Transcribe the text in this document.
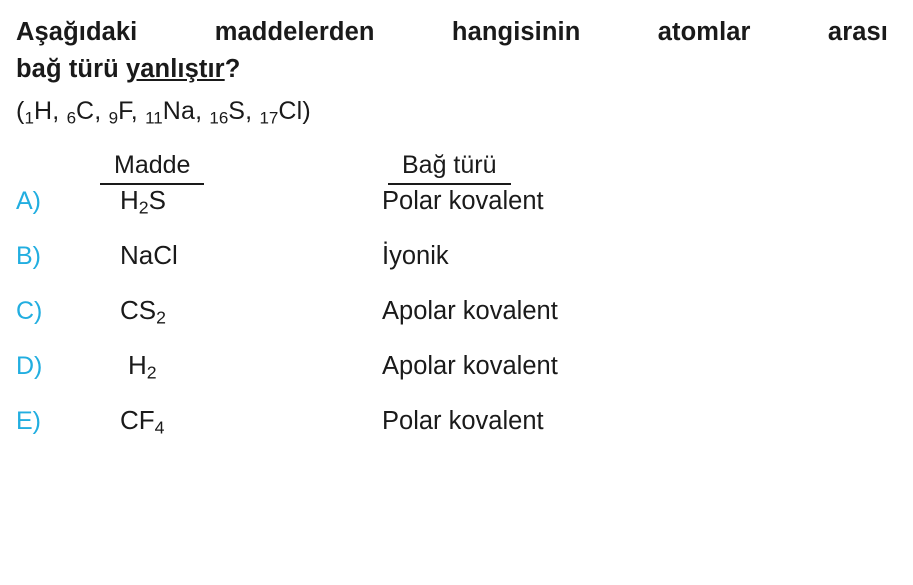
Aşağıdaki maddelerden hangisinin atomlar arası
bağ türü yanlıştır?
($_1H$, $_6$C, $_9$F, $_{11}$Na, $_{16}$S, $_{17}$Cl)
Madde	Bağ türü
A)	$H_2S$	Polar kovalent
B)	NaCl	İyonik
C)	$CS_2$	Apolar kovalent
D)	$H_2$	Apolar kovalent
E)	$CF_4$	Polar kovalent
